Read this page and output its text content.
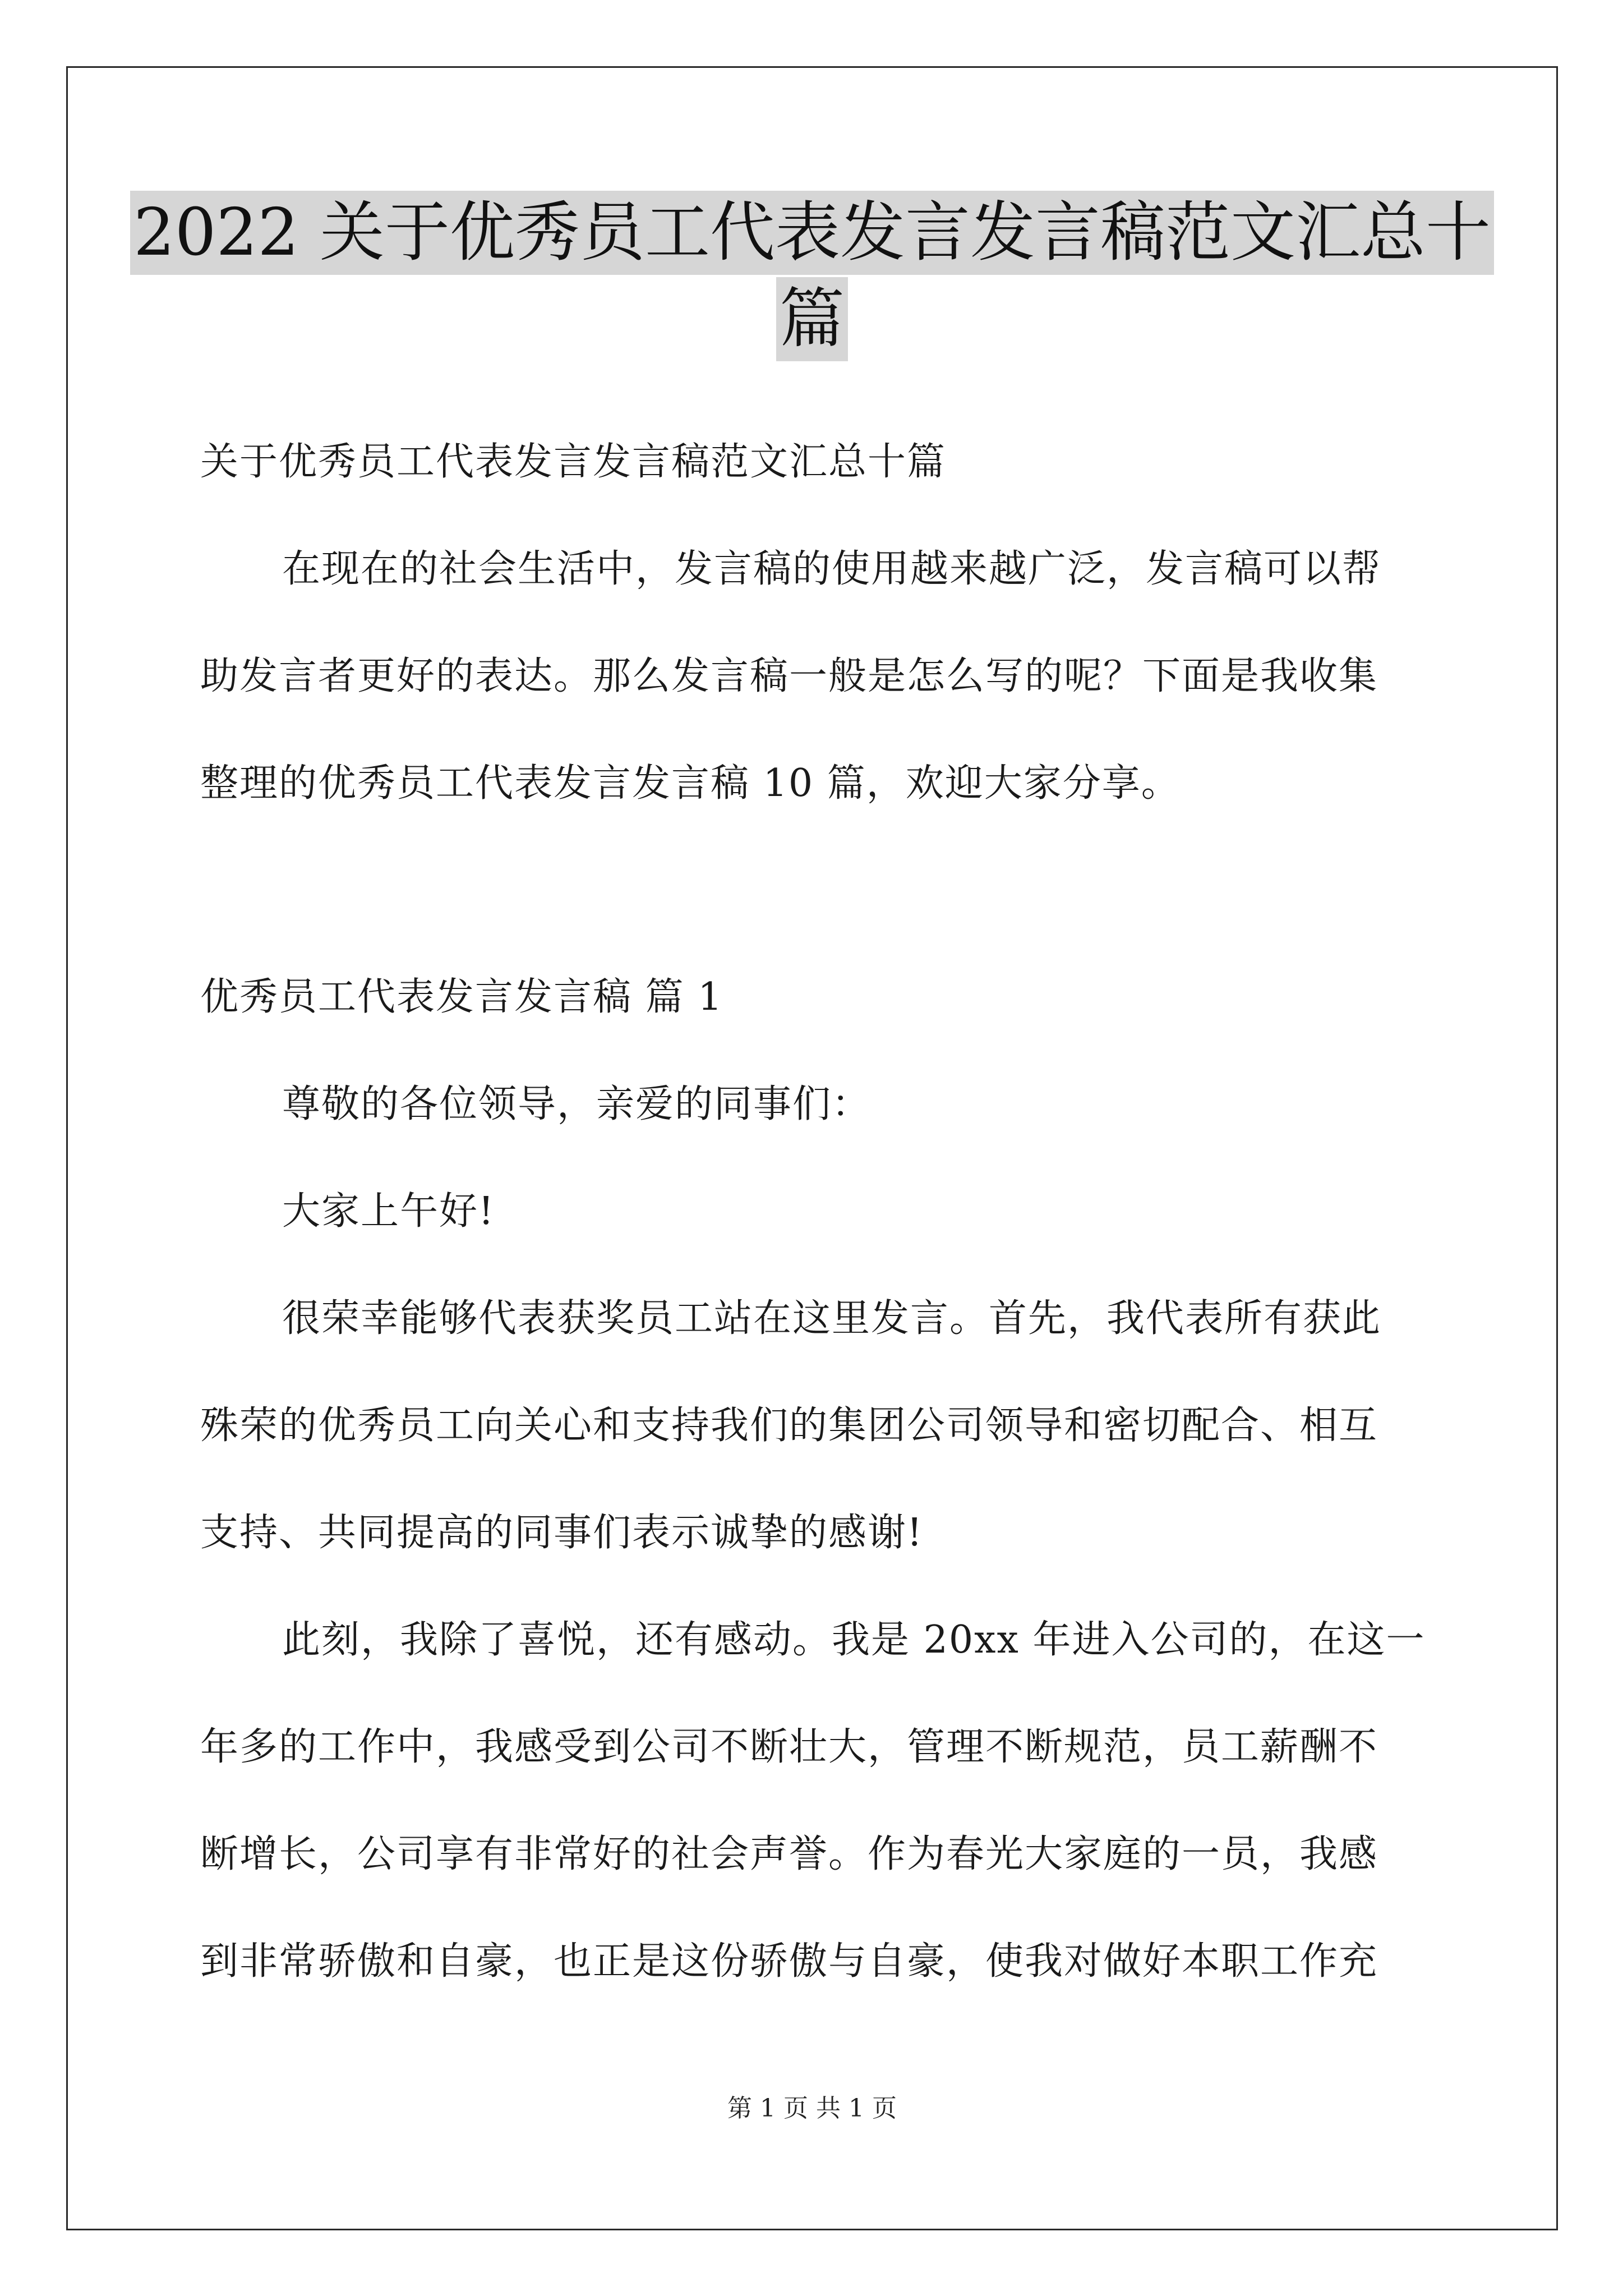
2022 关于优秀员工代表发言发言稿范文汇总十
篇

关于优秀员工代表发言发言稿范文汇总十篇

在现在的社会生活中，发言稿的使用越来越广泛，发言稿可以帮

助发言者更好的表达。那么发言稿一般是怎么写的呢？下面是我收集

整理的优秀员工代表发言发言稿 10 篇，欢迎大家分享。

优秀员工代表发言发言稿 篇 1

尊敬的各位领导，亲爱的同事们：

大家上午好!

很荣幸能够代表获奖员工站在这里发言。首先，我代表所有获此

殊荣的优秀员工向关心和支持我们的集团公司领导和密切配合、相互

支持、共同提高的同事们表示诚挚的感谢!

此刻，我除了喜悦，还有感动。我是 20xx 年进入公司的，在这一

年多的工作中，我感受到公司不断壮大，管理不断规范，员工薪酬不

断增长，公司享有非常好的社会声誉。作为春光大家庭的一员，我感

到非常骄傲和自豪，也正是这份骄傲与自豪，使我对做好本职工作充

第 1 页 共 1 页
